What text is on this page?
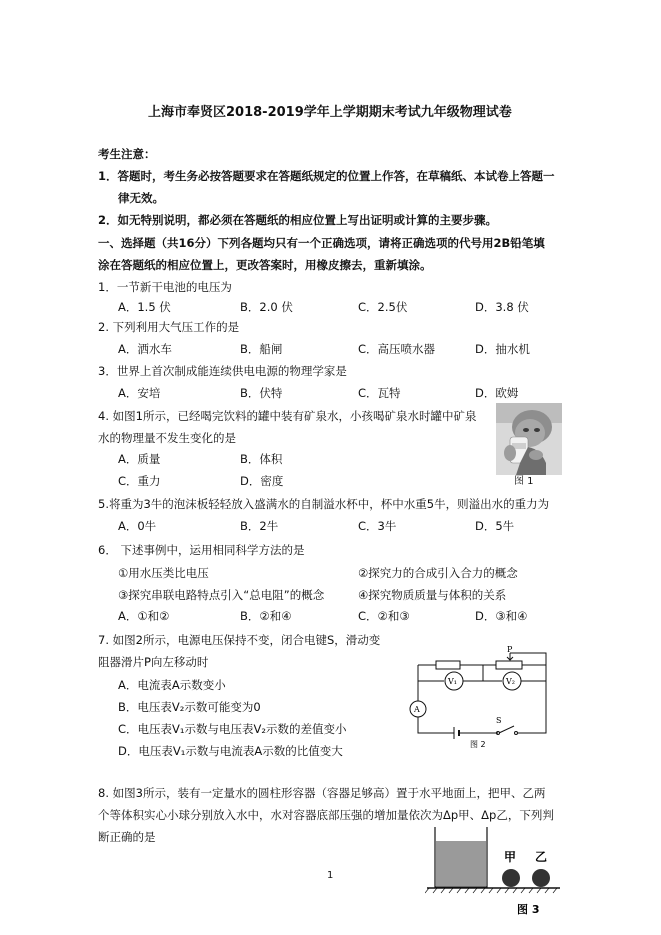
上海市奉贤区2018-2019学年上学期期末考试九年级物理试卷
考生注意：
1．答题时，考生务必按答题要求在答题纸规定的位置上作答，在草稿纸、本试卷上答题一
律无效。
2．如无特别说明，都必须在答题纸的相应位置上写出证明或计算的主要步骤。
一、选择题（共16分）下列各题均只有一个正确选项，请将正确选项的代号用2B铅笔填
涂在答题纸的相应位置上，更改答案时，用橡皮擦去，重新填涂。
1．一节新干电池的电压为
A．1.5 伏	B．2.0 伏	C．2.5伏	D．3.8 伏
2. 下列利用大气压工作的是
A．洒水车	B．船闸	C．高压喷水器	D．抽水机
3．世界上首次制成能连续供电电源的物理学家是
A．安培	B．伏特	C．瓦特	D．欧姆
4. 如图1所示，已经喝完饮料的罐中装有矿泉水，小孩喝矿泉水时罐中矿泉
水的物理量不发生变化的是
A．质量	B．体积
C．重力	D．密度	图 1
5.将重为3牛的泡沫板轻轻放入盛满水的自制溢水杯中，杯中水重5牛，则溢出水的重力为
A．0牛	B．2牛	C．3牛	D．5牛
6． 下述事例中，运用相同科学方法的是
①用水压类比电压	②探究力的合成引入合力的概念
③探究串联电路特点引入“总电阻”的概念	④探究物质质量与体积的关系
A．①和②	B．②和④	C．②和③	D．③和④
7. 如图2所示，电源电压保持不变，闭合电键S，滑动变
阻器滑片P向左移动时
A．电流表A示数变小
B．电压表V₂示数可能变为0
C．电压表V₁示数与电压表V₂示数的差值变小
D．电压表V₁示数与电流表A示数的比值变大
P
V₁	V₂
A
S
图 2
8. 如图3所示，装有一定量水的圆柱形容器（容器足够高）置于水平地面上，把甲、乙两
个等体积实心小球分别放入水中，水对容器底部压强的增加量依次为Δp甲、Δp乙，下列判
断正确的是
甲 乙
图 3
1
